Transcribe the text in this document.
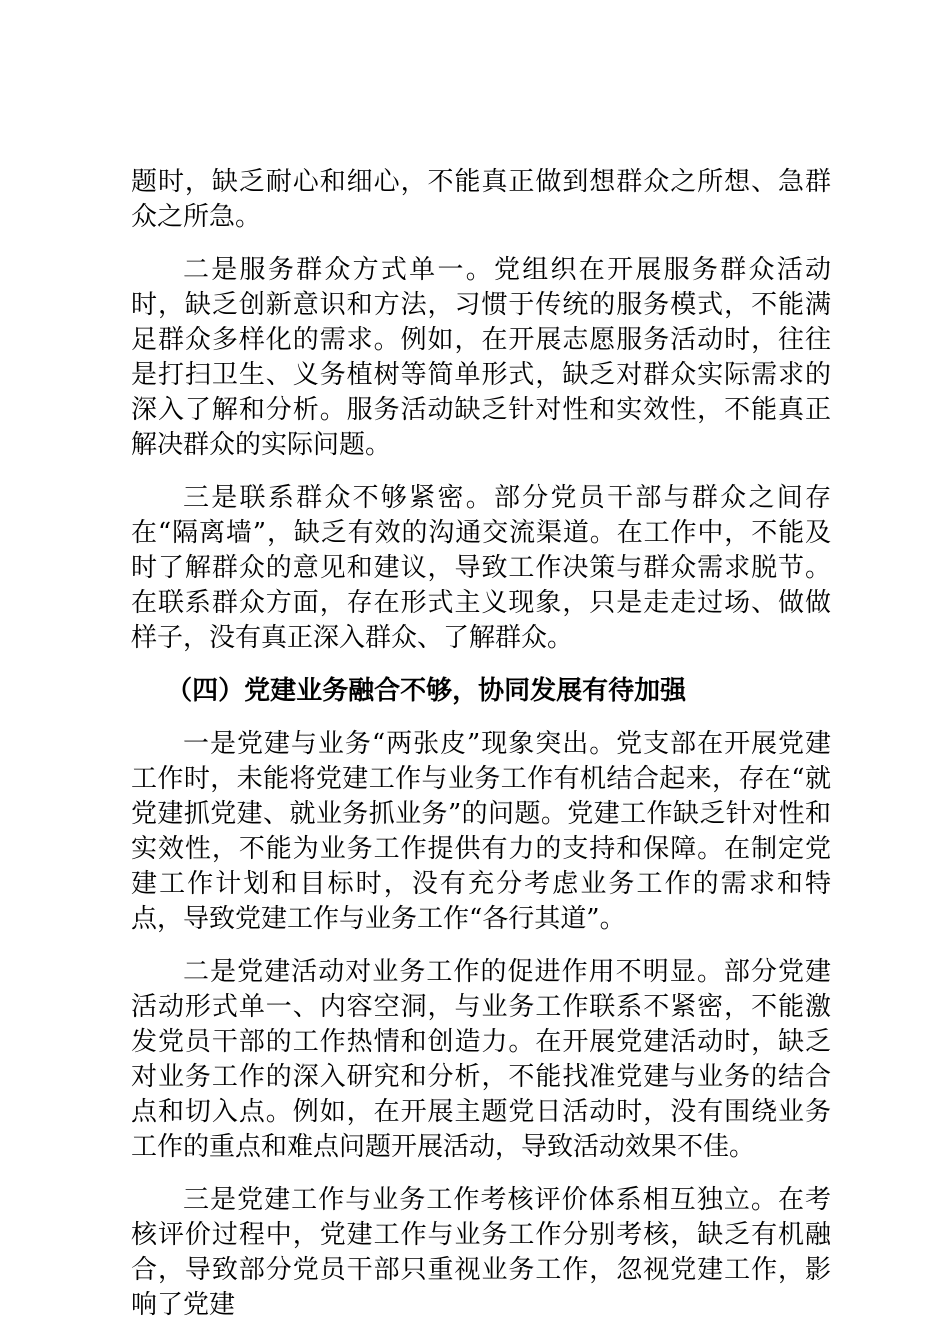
题时，缺乏耐心和细心，不能真正做到想群众之所想、急群众之所急。

二是服务群众方式单一。党组织在开展服务群众活动时，缺乏创新意识和方法，习惯于传统的服务模式，不能满足群众多样化的需求。例如，在开展志愿服务活动时，往往是打扫卫生、义务植树等简单形式，缺乏对群众实际需求的深入了解和分析。服务活动缺乏针对性和实效性，不能真正解决群众的实际问题。

三是联系群众不够紧密。部分党员干部与群众之间存在“隔离墙”，缺乏有效的沟通交流渠道。在工作中，不能及时了解群众的意见和建议，导致工作决策与群众需求脱节。在联系群众方面，存在形式主义现象，只是走走过场、做做样子，没有真正深入群众、了解群众。

（四）党建业务融合不够，协同发展有待加强

一是党建与业务“两张皮”现象突出。党支部在开展党建工作时，未能将党建工作与业务工作有机结合起来，存在“就党建抓党建、就业务抓业务”的问题。党建工作缺乏针对性和实效性，不能为业务工作提供有力的支持和保障。在制定党建工作计划和目标时，没有充分考虑业务工作的需求和特点，导致党建工作与业务工作“各行其道”。

二是党建活动对业务工作的促进作用不明显。部分党建活动形式单一、内容空洞，与业务工作联系不紧密，不能激发党员干部的工作热情和创造力。在开展党建活动时，缺乏对业务工作的深入研究和分析，不能找准党建与业务的结合点和切入点。例如，在开展主题党日活动时，没有围绕业务工作的重点和难点问题开展活动，导致活动效果不佳。

三是党建工作与业务工作考核评价体系相互独立。在考核评价过程中，党建工作与业务工作分别考核，缺乏有机融合，导致部分党员干部只重视业务工作，忽视党建工作，影响了党建
